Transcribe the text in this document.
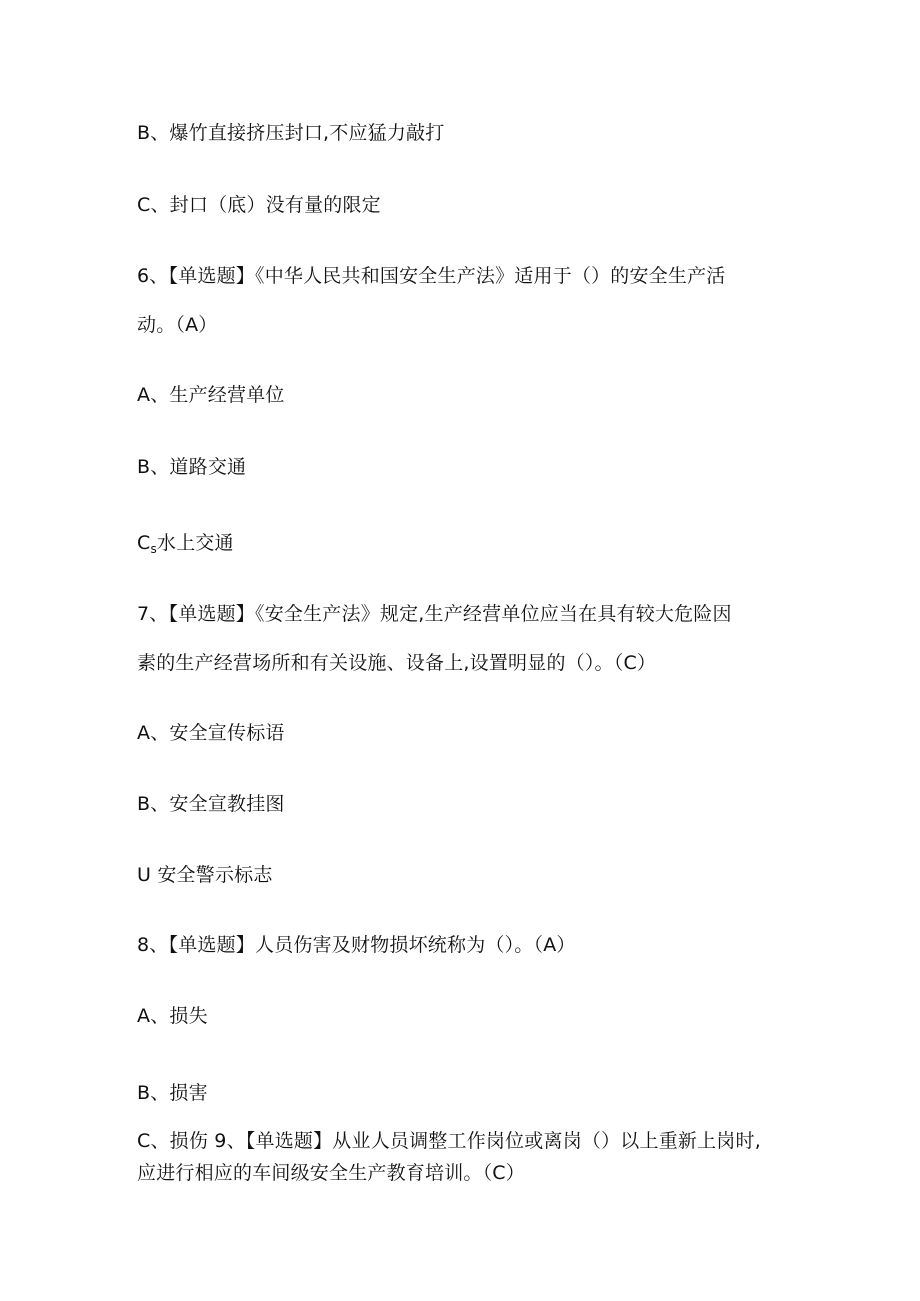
B、爆竹直接挤压封口,不应猛力敲打
C、封口（底）没有量的限定
6、【单选题】《中华人民共和国安全生产法》适用于（）的安全生产活
动。（A）
A、生产经营单位
B、道路交通
$C_s$水上交通
7、【单选题】《安全生产法》规定,生产经营单位应当在具有较大危险因
素的生产经营场所和有关设施、设备上,设置明显的（）。（C）
A、安全宣传标语
B、安全宣教挂图
U 安全警示标志
8、【单选题】人员伤害及财物损坏统称为（）。（A）
A、损失
B、损害
C、损伤 9、【单选题】从业人员调整工作岗位或离岗（）以上重新上岗时,
应进行相应的车间级安全生产教育培训。（C）
